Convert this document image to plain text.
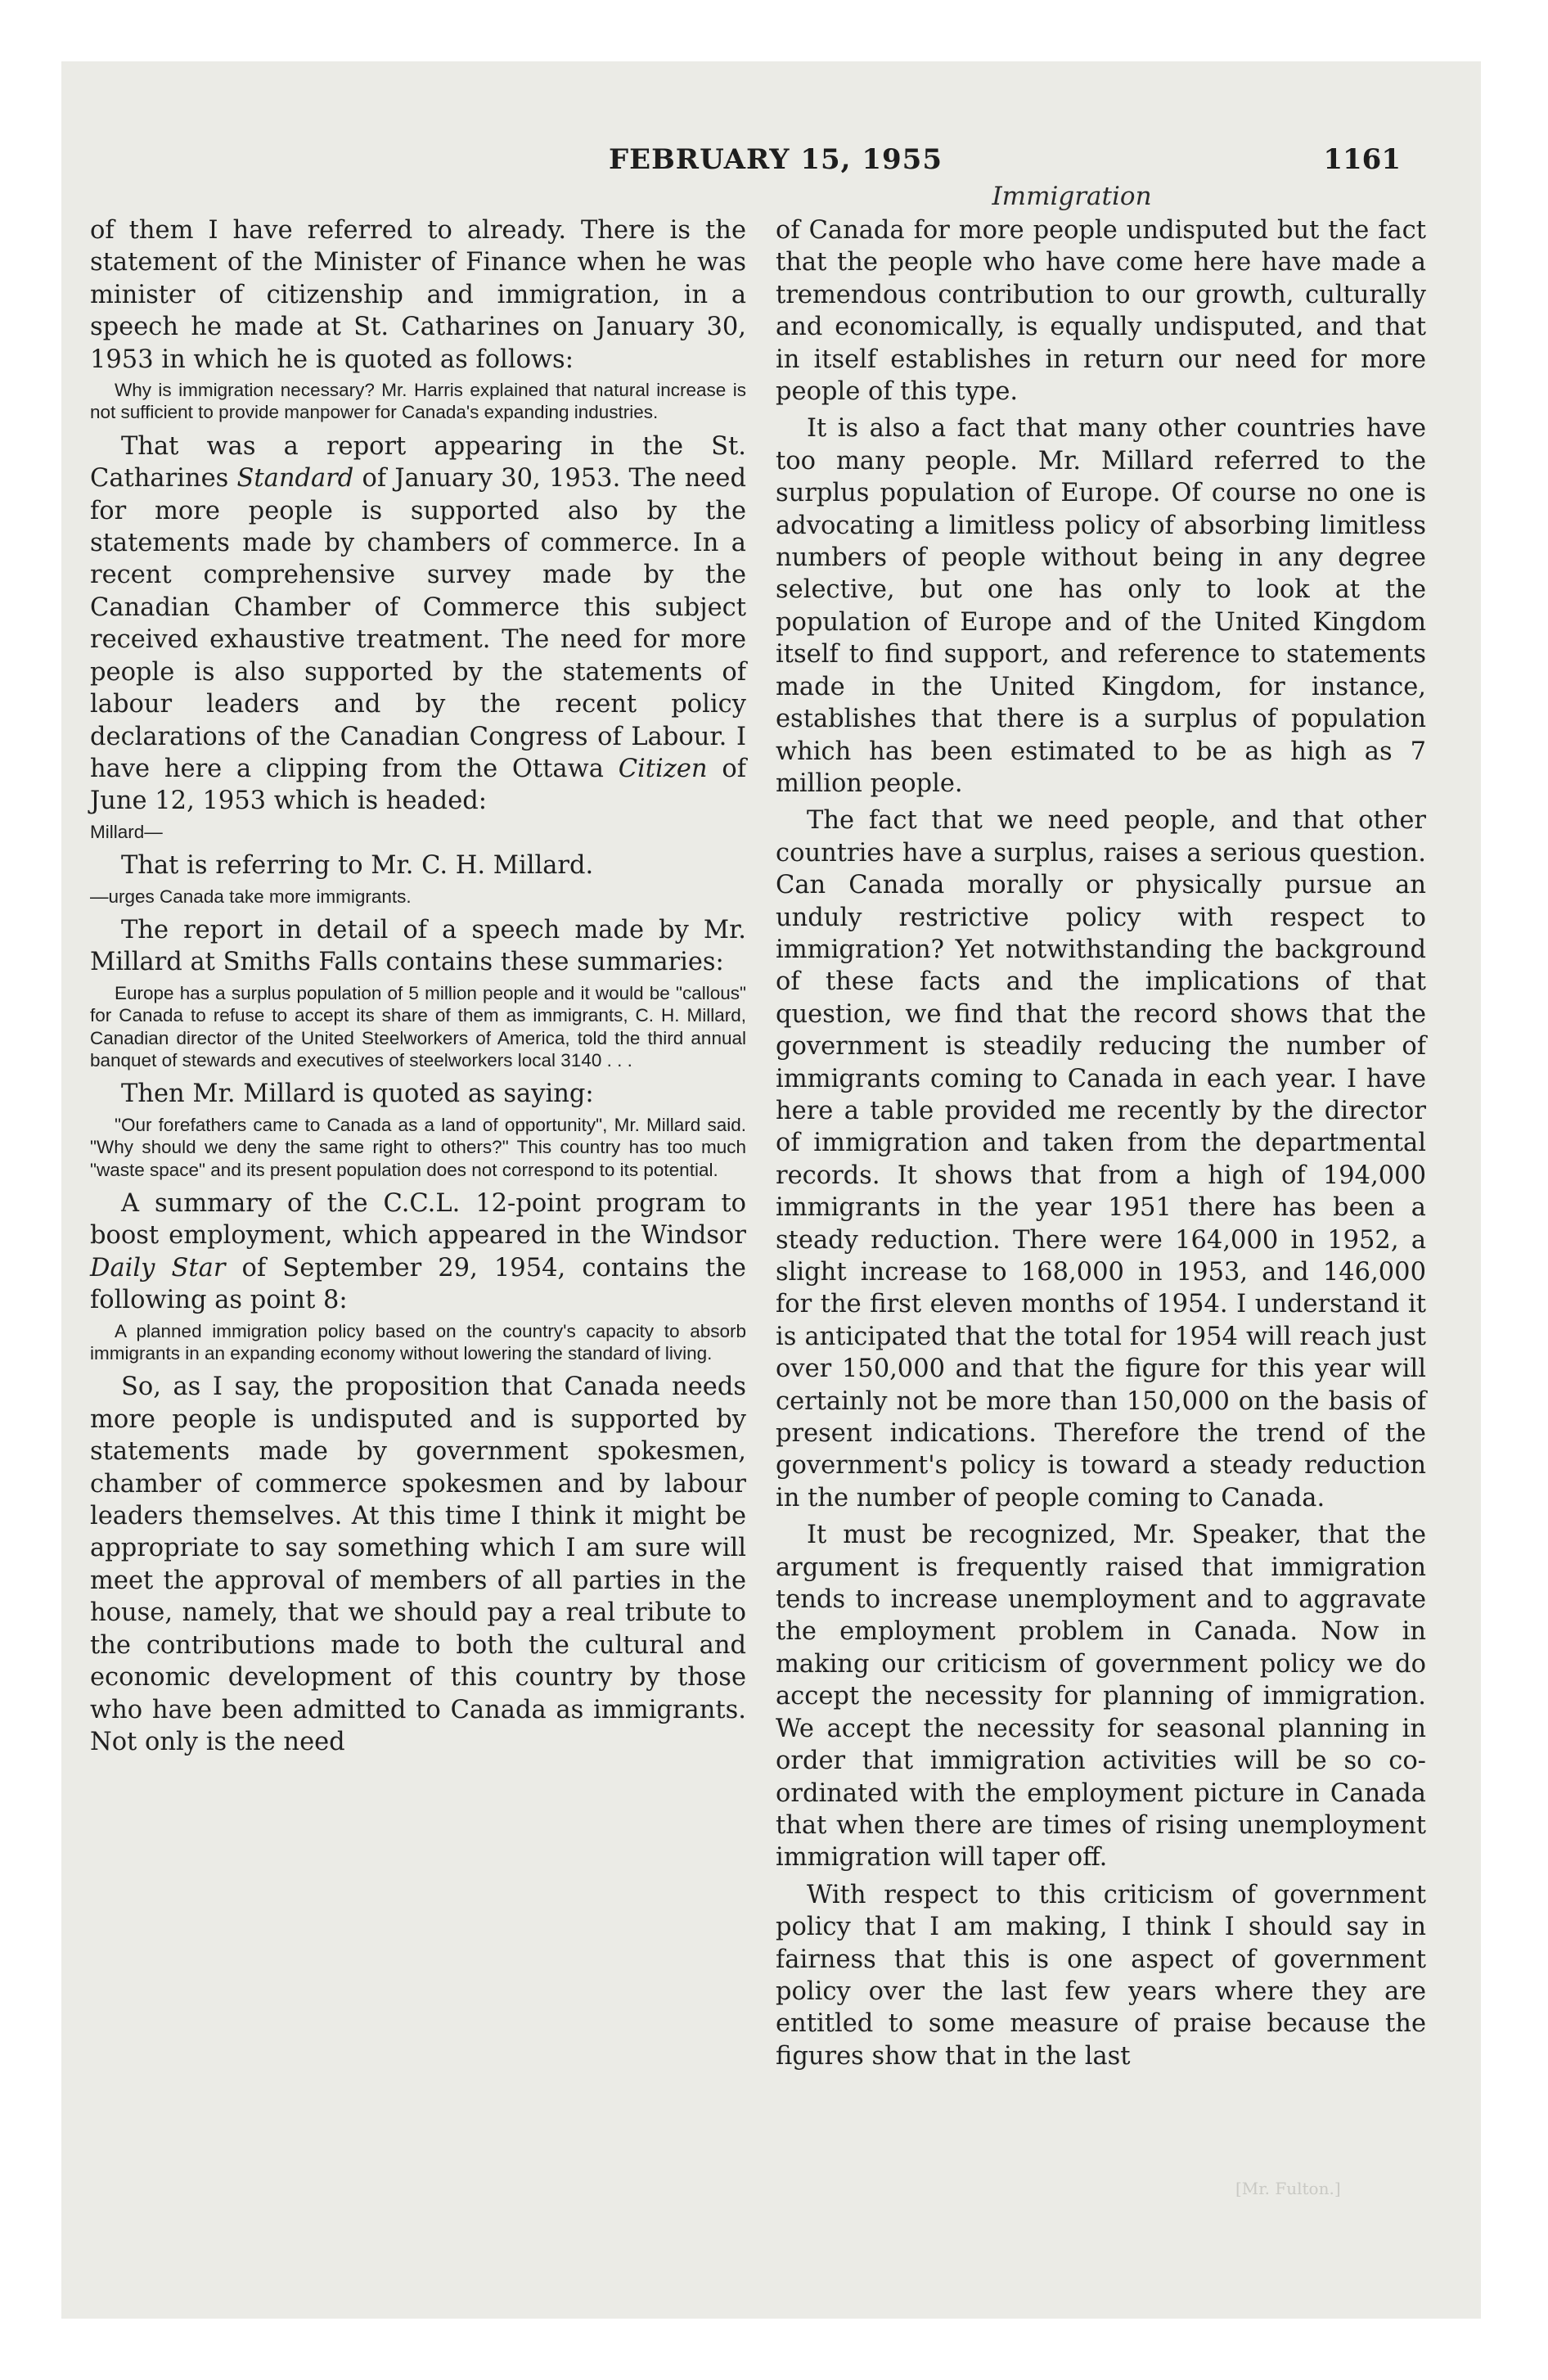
FEBRUARY 15, 1955	1161
Immigration

of them I have referred to already. There is the statement of the Minister of Finance when he was minister of citizenship and immigration, in a speech he made at St. Catharines on January 30, 1953 in which he is quoted as follows:

Why is immigration necessary? Mr. Harris explained that natural increase is not sufficient to provide manpower for Canada's expanding industries.

That was a report appearing in the St. Catharines Standard of January 30, 1953. The need for more people is supported also by the statements made by chambers of commerce. In a recent comprehensive survey made by the Canadian Chamber of Commerce this subject received exhaustive treatment. The need for more people is also supported by the statements of labour leaders and by the recent policy declarations of the Canadian Congress of Labour. I have here a clipping from the Ottawa Citizen of June 12, 1953 which is headed:

Millard—

That is referring to Mr. C. H. Millard.

—urges Canada take more immigrants.

The report in detail of a speech made by Mr. Millard at Smiths Falls contains these summaries:

Europe has a surplus population of 5 million people and it would be "callous" for Canada to refuse to accept its share of them as immigrants, C. H. Millard, Canadian director of the United Steelworkers of America, told the third annual banquet of stewards and executives of steelworkers local 3140 . . .

Then Mr. Millard is quoted as saying:

"Our forefathers came to Canada as a land of opportunity", Mr. Millard said. "Why should we deny the same right to others?" This country has too much "waste space" and its present population does not correspond to its potential.

A summary of the C.C.L. 12-point program to boost employment, which appeared in the Windsor Daily Star of September 29, 1954, contains the following as point 8:

A planned immigration policy based on the country's capacity to absorb immigrants in an expanding economy without lowering the standard of living.

So, as I say, the proposition that Canada needs more people is undisputed and is supported by statements made by government spokesmen, chamber of commerce spokesmen and by labour leaders themselves. At this time I think it might be appropriate to say something which I am sure will meet the approval of members of all parties in the house, namely, that we should pay a real tribute to the contributions made to both the cultural and economic development of this country by those who have been admitted to Canada as immigrants. Not only is the need

of Canada for more people undisputed but the fact that the people who have come here have made a tremendous contribution to our growth, culturally and economically, is equally undisputed, and that in itself establishes in return our need for more people of this type.

It is also a fact that many other countries have too many people. Mr. Millard referred to the surplus population of Europe. Of course no one is advocating a limitless policy of absorbing limitless numbers of people without being in any degree selective, but one has only to look at the population of Europe and of the United Kingdom itself to find support, and reference to statements made in the United Kingdom, for instance, establishes that there is a surplus of population which has been estimated to be as high as 7 million people.

The fact that we need people, and that other countries have a surplus, raises a serious question. Can Canada morally or physically pursue an unduly restrictive policy with respect to immigration? Yet notwithstanding the background of these facts and the implications of that question, we find that the record shows that the government is steadily reducing the number of immigrants coming to Canada in each year. I have here a table provided me recently by the director of immigration and taken from the departmental records. It shows that from a high of 194,000 immigrants in the year 1951 there has been a steady reduction. There were 164,000 in 1952, a slight increase to 168,000 in 1953, and 146,000 for the first eleven months of 1954. I understand it is anticipated that the total for 1954 will reach just over 150,000 and that the figure for this year will certainly not be more than 150,000 on the basis of present indications. Therefore the trend of the government's policy is toward a steady reduction in the number of people coming to Canada.

It must be recognized, Mr. Speaker, that the argument is frequently raised that immigration tends to increase unemployment and to aggravate the employment problem in Canada. Now in making our criticism of government policy we do accept the necessity for planning of immigration. We accept the necessity for seasonal planning in order that immigration activities will be so co-ordinated with the employment picture in Canada that when there are times of rising unemployment immigration will taper off.

With respect to this criticism of government policy that I am making, I think I should say in fairness that this is one aspect of government policy over the last few years where they are entitled to some measure of praise because the figures show that in the last

[Mr. Fulton.]
